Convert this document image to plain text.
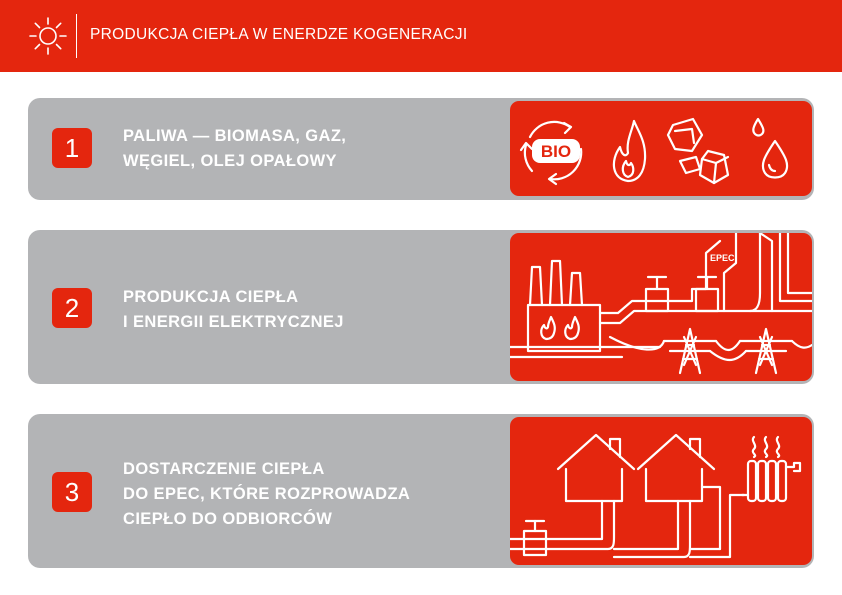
PRODUKCJA CIEPŁA W ENERDZE KOGENERACJI
1	PALIWA — BIOMASA, GAZ,
WĘGIEL, OLEJ OPAŁOWY	BIO
2	PRODUKCJA CIEPŁA
I ENERGII ELEKTRYCZNEJ
EPEC
3
DOSTARCZENIE CIEPŁA
DO EPEC, KTÓRE ROZPROWADZA
CIEPŁO DO ODBIORCÓW
